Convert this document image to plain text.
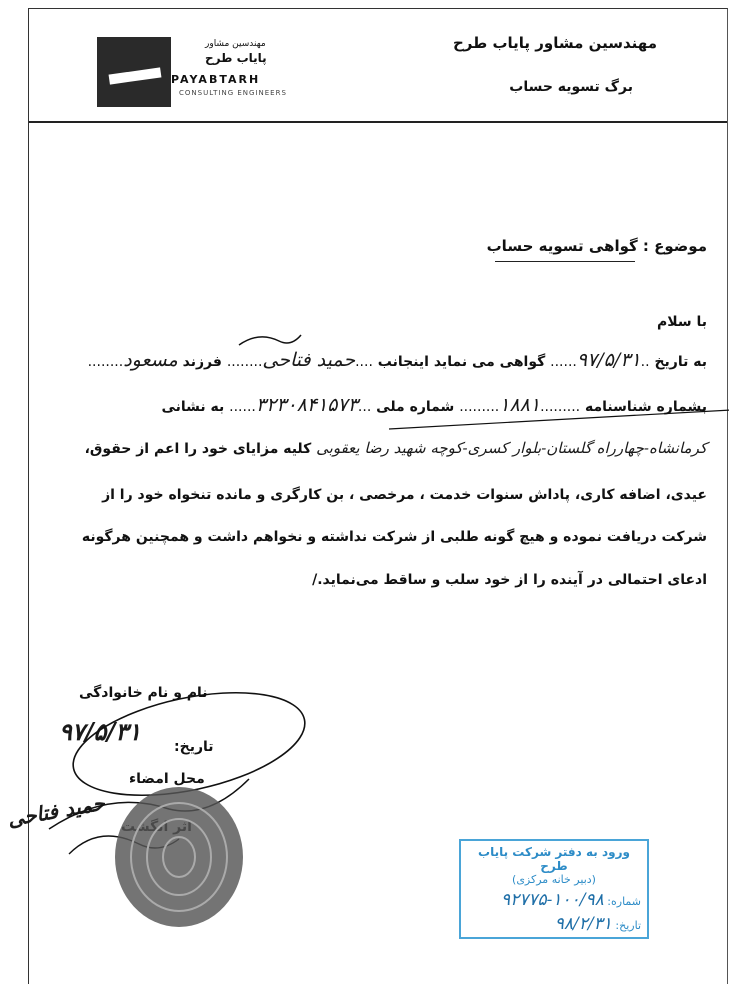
مهندسین مشاور پایاب طرح
برگ تسویه حساب
مهندسین مشاور
پایاب طرح
PAYABTARH
CONSULTING ENGINEERS
موضوع : گواهی تسویه حساب
با سلام
به تاریخ ..۹۷/۵/۳۱...... گواهی می نماید اینجانب ....حمید فتاحی........ فرزند مسعود........
بشماره شناسنامه .........۱۸۸۱......... شماره ملی ...۳۲۳۰۸۴۱۵۷۳...... به نشانی
کرمانشاه-چهارراه گلستان-بلوار کسری-کوچه شهید رضا یعقوبی کلیه مزایای خود را اعم از حقوق،
عیدی، اضافه کاری، پاداش سنوات خدمت ، مرخصی ، بن کارگری و مانده تنخواه خود را از
شرکت دریافت نموده و هیچ گونه طلبی از شرکت نداشته و نخواهم داشت و همچنین هرگونه
ادعای احتمالی در آینده را از خود سلب و ساقط می‌نماید./
نام و نام خانوادگی
تاریخ:
۹۷/۵/۳۱
محل امضاء
حمید فتاحی
ورود به دفتر شرکت پایاب طرح
(دبیر خانه مرکزی)
شماره: ۱۰۰/۹۸-۹۲۷۷۵
تاریخ: ۹۸/۲/۳۱
